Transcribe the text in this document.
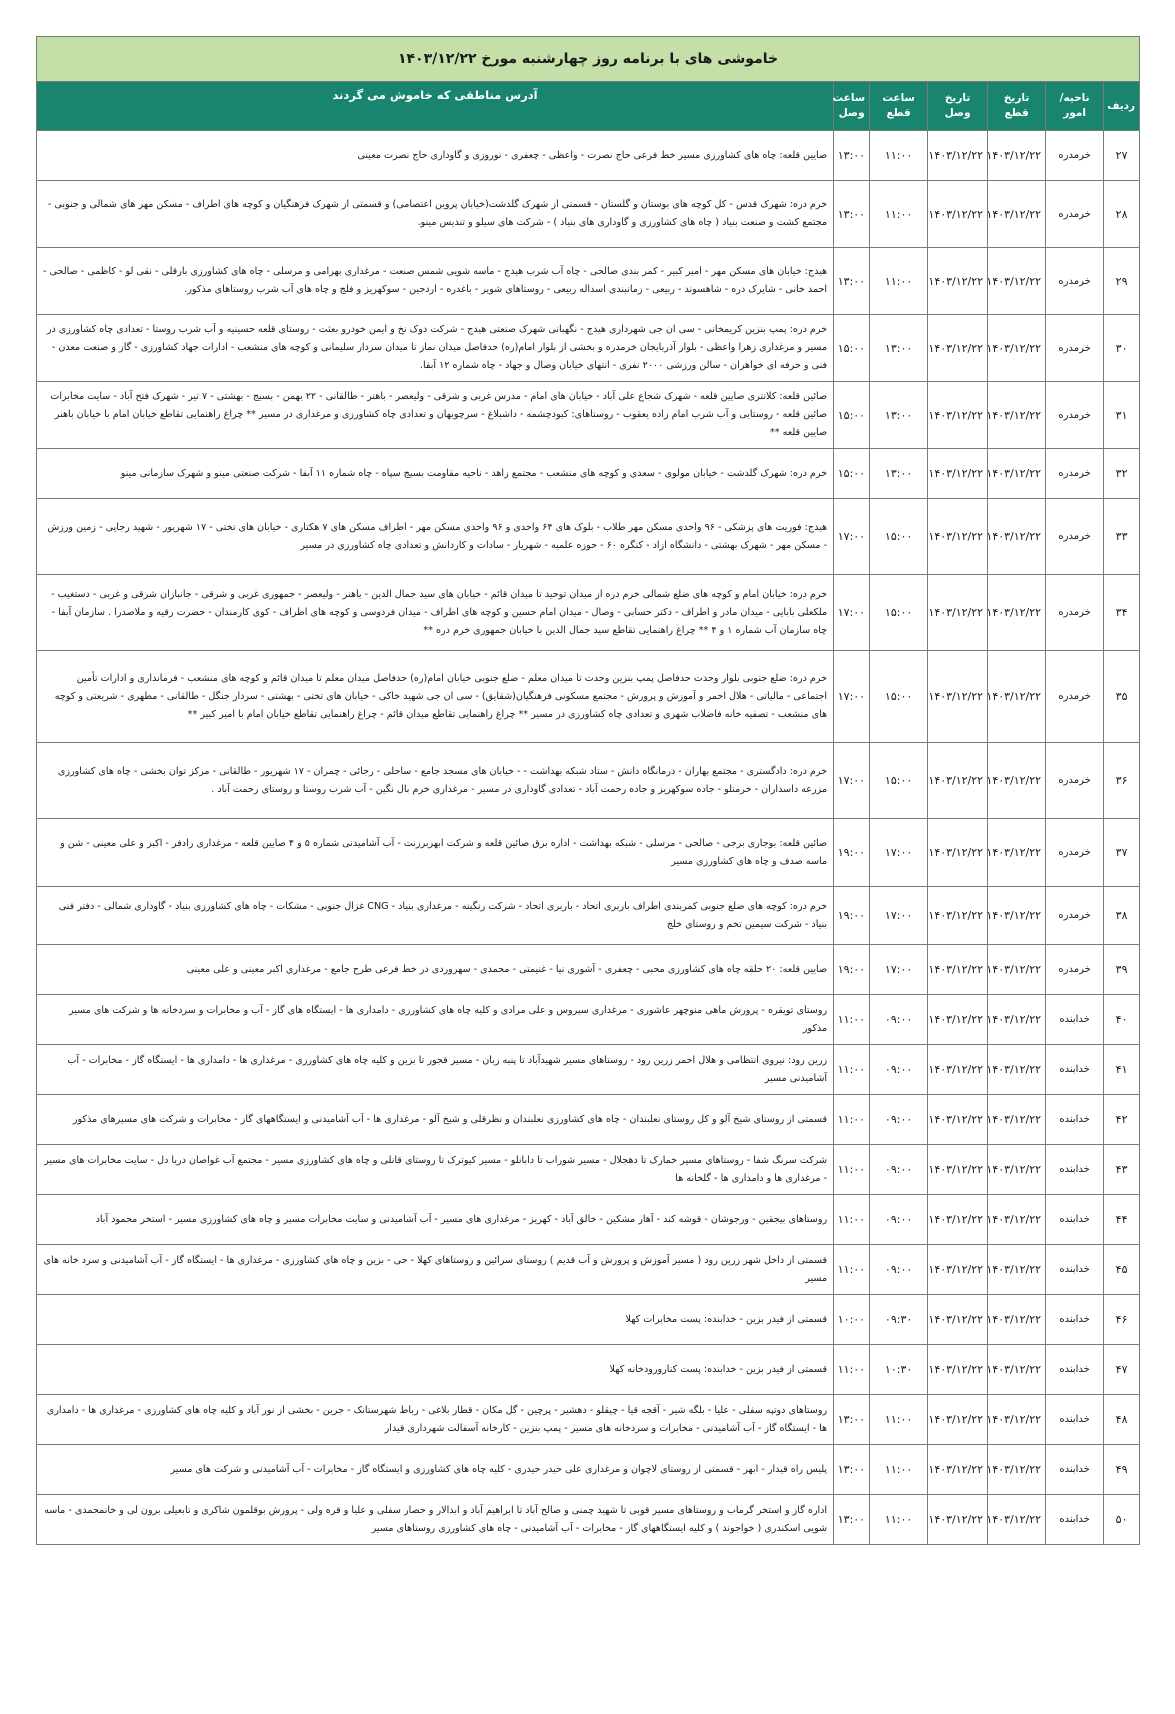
خاموشی های با برنامه روز چهارشنبه مورخ ۱۴۰۳/۱۲/۲۲						
ردیف	ناحیه/امور	تاریخ قطع	تاریخ وصل	ساعت قطع	ساعت وصل	آدرس مناطقی که خاموش می گردند
۲۷	خرمدره	۱۴۰۳/۱۲/۲۲	۱۴۰۳/۱۲/۲۲	۱۱:۰۰	۱۳:۰۰	صایین قلعه: چاه های کشاورزی مسیر خط فرعی حاج نصرت - واعظی - چعفری - نوروزی و گاوداری حاج نصرت معینی
۲۸	خرمدره	۱۴۰۳/۱۲/۲۲	۱۴۰۳/۱۲/۲۲	۱۱:۰۰	۱۳:۰۰	خرم دره: شهرک قدس - کل کوچه های بوستان و گلستان - قسمتی از شهرک گلدشت(خیابان پروین اعتصامی) و قسمتی از شهرک فرهنگیان و کوچه های اطراف - مسکن مهر های شمالی و جنوبی - مجتمع کشت و صنعت بنیاد ( چاه های کشاورزی و گاوداری های بنیاد ) - شرکت های سیلو و تندیس مینو.
۲۹	خرمدره	۱۴۰۳/۱۲/۲۲	۱۴۰۳/۱۲/۲۲	۱۱:۰۰	۱۳:۰۰	هیدج: خیابان های مسکن مهر - امیر کبیر - کمر بندی صالحی - چاه آب شرب هیدج - ماسه شویی شمس صنعت - مرغداری بهرامی و مرسلی - چاه های کشاورزی بارقلی - نقی لو - کاظمی - صالحی - احمد خانی - شایرک دره - شاهسوند - ربیعی - زمانبندی اسداله ربیعی - روستاهای شویر - باغدره - اردجین - سوکهریز و فلج و چاه های آب شرب روستاهای مذکور.
۳۰	خرمدره	۱۴۰۳/۱۲/۲۲	۱۴۰۳/۱۲/۲۲	۱۳:۰۰	۱۵:۰۰	خرم دره: پمپ بنزین کریمخانی - سی ان جی شهرداری هیدج - نگهبانی شهرک صنعتی هیدج - شرکت دوک نخ و ایمن خودرو بعثت - روستای قلعه حسینیه و آب شرب روستا - تعدادی چاه کشاورزی در مسیر و مرغداری زهرا واعظی - بلوار آذربایجان خرمدره و بخشی از بلوار امام(ره) حدفاصل میدان نماز تا میدان سردار سلیمانی و کوچه های منشعب - ادارات جهاد کشاورزی - گاز و صنعت معدن - فنی و حرفه ای خواهران - سالن ورزشی ۲۰۰۰ نفری - انتهای خیابان وصال و جهاد - چاه شماره ۱۲ آبفا.
۳۱	خرمدره	۱۴۰۳/۱۲/۲۲	۱۴۰۳/۱۲/۲۲	۱۳:۰۰	۱۵:۰۰	صائین قلعه: کلانتری صایین قلعه - شهرک شجاع علی آباد - خیابان های امام - مدرس غربی و شرقی - ولیعصر - باهنر - طالقانی - ۲۲ بهمن - بسیج - بهشتی - ۷ تیر - شهرک فتح آباد - سایت مخابرات صائین قلعه - روستایی و آب شرب امام زاده یعقوب - روستاهای: کبودچشمه - داشبلاغ - سرچوبهان و تعدادی چاه کشاورزی و مرغداری در مسیر ** چراغ راهنمایی تقاطع خیابان امام با خیابان باهنر صایین قلعه **
۳۲	خرمدره	۱۴۰۳/۱۲/۲۲	۱۴۰۳/۱۲/۲۲	۱۳:۰۰	۱۵:۰۰	خرم دره: شهرک گلدشت - خیابان مولوی - سعدی و کوچه های منشعب - مجتمع زاهد - ناحیه مقاومت بسیج سپاه - چاه شماره ۱۱ آبفا - شرکت صنعتی مینو و شهرک سازمانی مینو
۳۳	خرمدره	۱۴۰۳/۱۲/۲۲	۱۴۰۳/۱۲/۲۲	۱۵:۰۰	۱۷:۰۰	هیدج: فوریت های پزشکی - ۹۶ واحدی مسکن مهر طلاب - بلوک های ۶۴ واحدی و ۹۶ واحدی مسکن مهر - اطراف مسکن های ۷ هکتاری - خیابان های تختی - ۱۷ شهریور - شهید رجایی - زمین ورزش - مسکن مهر - شهرک بهشتی - دانشگاه ازاد - کنگره ۶۰ - حوزه علمیه - شهریار - سادات و کاردانش و تعدادی چاه کشاورزی در مسیر
۳۴	خرمدره	۱۴۰۳/۱۲/۲۲	۱۴۰۳/۱۲/۲۲	۱۵:۰۰	۱۷:۰۰	خرم دره: خیابان امام و کوچه های ضلع شمالی خرم دره از میدان توحید تا میدان قائم - خیابان های سید جمال الدین - باهنر - ولیعصر - جمهوری غربی و شرقی - جانبازان شرقی و غربی - دستغیب - ملکعلی بابایی - میدان مادر و اطراف - دکتر حسابی - وصال - میدان امام حسین و کوچه های اطراف - میدان فردوسی و کوچه های اطراف - کوی کارمندان - حضرت رقیه و ملاصدرا . سازمان آبفا - چاه سازمان آب شماره ۱ و ۴ ** چراغ راهنمایی تقاطع سید جمال الدین با خیابان جمهوری خرم دره **
۳۵	خرمدره	۱۴۰۳/۱۲/۲۲	۱۴۰۳/۱۲/۲۲	۱۵:۰۰	۱۷:۰۰	خرم دره: ضلع جنوبی بلوار وحدت حدفاصل پمپ بنزین وحدت تا میدان معلم - ضلع جنوبی خیابان امام(ره) حدفاصل میدان معلم تا میدان قائم و کوچه های منشعب - فرمانداری و ادارات تأمین اجتماعی - مالیاتی - هلال احمر و آموزش و پرورش - مجتمع مسکونی فرهنگیان(شقایق) - سی ان جی شهید خاکی - خیابان های تختی - بهشتی - سردار جنگل - طالقانی - مطهری - شریعتی و کوچه های منشعب - تصفیه خانه فاضلاب شهری و تعدادی چاه کشاورزی در مسیر ** چراغ راهنمایی تقاطع میدان قائم - چراغ راهنمایی تقاطع خیابان امام با امیر کبیر **
۳۶	خرمدره	۱۴۰۳/۱۲/۲۲	۱۴۰۳/۱۲/۲۲	۱۵:۰۰	۱۷:۰۰	خرم دره: دادگستری - مجتمع بهاران - درمانگاه دانش - ستاد شبکه بهداشت - - خیابان های مسجد جامع - ساحلی - رجائی - چمران - ۱۷ شهریور - طالقانی - مرکز توان بخشی - چاه های کشاورزی مزرعه داسداران - خرمنلو - جاده سوکهریز و جاده رحمت آباد - تعدادی گاوداری در مسیر - مرغداری خرم بال نگین - آب شرب روستا و روستای رحمت آباد .
۳۷	خرمدره	۱۴۰۳/۱۲/۲۲	۱۴۰۳/۱۲/۲۲	۱۷:۰۰	۱۹:۰۰	صائین قلعه: بوجاری برجی - صالحی - مرسلی - شبکه بهداشت - اداره برق صائین قلعه و شرکت ابهربرزنت - آب آشامیدنی شماره ۵ و ۴ صایین قلعه - مرغداری رادفر - اکبر و علی معینی - شن و ماسه صدف و چاه های کشاورزی مسیر
۳۸	خرمدره	۱۴۰۳/۱۲/۲۲	۱۴۰۳/۱۲/۲۲	۱۷:۰۰	۱۹:۰۰	خرم دره: کوچه های ضلع جنوبی کمربندی اطراف باربری اتحاد - باربری اتحاد - شرکت رنگینه - مرغداری بنیاد - CNG غزال جنوبی - مشکات - چاه های کشاورزی بنیاد - گاوداری شمالی - دفتر فنی بنیاد - شرکت سیمین تخم و روستای خلج
۳۹	خرمدره	۱۴۰۳/۱۲/۲۲	۱۴۰۳/۱۲/۲۲	۱۷:۰۰	۱۹:۰۰	صایین قلعه: ۲۰ حلقه چاه های کشاورزی محبی - چعفری - آشوری نیا - غنیمتی - محمدی - سهروردی در خط فرعی طرح جامع - مرغداری اکبر معینی و علی معینی
۴۰	خدابنده	۱۴۰۳/۱۲/۲۲	۱۴۰۳/۱۲/۲۲	۰۹:۰۰	۱۱:۰۰	روستای تویقره - پرورش ماهی منوچهر عاشوری - مرغداری سیروس و علی مرادی و کلیه چاه های کشاورزی - دامداری ها - ایستگاه های گاز - آب و مخابرات و سردخانه ها و شرکت های مسیر مذکور
۴۱	خدابنده	۱۴۰۳/۱۲/۲۲	۱۴۰۳/۱۲/۲۲	۰۹:۰۰	۱۱:۰۰	زرین رود: نیروی انتظامی و هلال احمر زرین رود - روستاهای مسیر شهیدآباد تا پنبه زبان - مسیر قجور تا بزین و کلیه چاه های کشاورزی - مرغداری ها - دامداری ها - ایستگاه گاز - مخابرات - آب آشامیدنی مسیر
۴۲	خدابنده	۱۴۰۳/۱۲/۲۲	۱۴۰۳/۱۲/۲۲	۰۹:۰۰	۱۱:۰۰	قسمتی از روستای شیخ آلو و کل روستای نعلبندان - چاه های کشاورزی نعلبندان و نظرقلی و شیخ آلو - مرغداری ها - آب آشامیدنی و ایستگاههای گاز - مخابرات و شرکت های مسیرهای مذکور
۴۳	خدابنده	۱۴۰۳/۱۲/۲۲	۱۴۰۳/۱۲/۲۲	۰۹:۰۰	۱۱:۰۰	شرکت سرنگ شفا - روستاهای مسیر خمارک تا دهجلال - مسیر شوراب تا دابانلو - مسیر کیوترک تا روستای قانلی و چاه های کشاورزی مسیر - مجتمع آب غواصان دریا دل - سایت مخابرات های مسیر - مرغداری ها و دامداری ها - گلخانه ها
۴۴	خدابنده	۱۴۰۳/۱۲/۲۲	۱۴۰۳/۱۲/۲۲	۰۹:۰۰	۱۱:۰۰	روستاهای بیجقین - ورجوشان - قوشه کند - آهار مشکین - خالق آباد - کهریز - مرغداری های مسیر - آب آشامیدنی و سایت مخابرات مسیر و چاه های کشاورزی مسیر - استخر محمود آباد
۴۵	خدابنده	۱۴۰۳/۱۲/۲۲	۱۴۰۳/۱۲/۲۲	۰۹:۰۰	۱۱:۰۰	قسمتی از داخل شهر زرین رود ( مسیر آموزش و پرورش و آب قدیم ) روستای سرائین و روستاهای کهلا - حی - بزین و چاه های کشاورزی - مرغداری ها - ایستگاه گاز - آب آشامیدنی و سرد خانه های مسیر
۴۶	خدابنده	۱۴۰۳/۱۲/۲۲	۱۴۰۳/۱۲/۲۲	۰۹:۳۰	۱۰:۰۰	قسمتی از فیدر بزین - خدابنده: پست مخابرات کهلا
۴۷	خدابنده	۱۴۰۳/۱۲/۲۲	۱۴۰۳/۱۲/۲۲	۱۰:۳۰	۱۱:۰۰	قسمتی از فیدر بزین - خدابنده: پست کنارورودخانه کهلا
۴۸	خدابنده	۱۴۰۳/۱۲/۲۲	۱۴۰۳/۱۲/۲۲	۱۱:۰۰	۱۳:۰۰	روستاهای دوتپه سفلی - علیا - بلگه شیر - آقجه قیا - چیقلو - دهشیر - پرچین - گل مکان - قطار بلاغی - رباط شهرستانک - جرین - بخشی از نور آباد و کلیه چاه های کشاورزی - مرغداری ها - دامداری ها - ایستگاه گاز - آب آشامیدنی - مخابرات و سردخانه های مسیر - پمپ بنزین - کارخانه آسفالت شهرداری قیدار
۴۹	خدابنده	۱۴۰۳/۱۲/۲۲	۱۴۰۳/۱۲/۲۲	۱۱:۰۰	۱۳:۰۰	پلیس راه قیدار - ابهر - قسمتی از روستای لاچوان و مرغداری علی حیدر حیدری - کلیه چاه های کشاورزی و ایستگاه گاز - مخابرات - آب آشامیدنی و شرکت های مسیر
۵۰	خدابنده	۱۴۰۳/۱۲/۲۲	۱۴۰۳/۱۲/۲۲	۱۱:۰۰	۱۳:۰۰	اداره گاز و استخر گرماب و روستاهای مسیر قوبی تا شهید چمنی و صالح آباد تا ابراهیم آباد و ابدالار و حصار سفلی و علیا و قره ولی - پرورش بوقلمون شاکری و تابعیلی برون لی و خانمحمدی - ماسه شویی اسکندری ( خواجوند ) و کلیه ایستگاههای گاز - مخابرات - آب آشامیدنی - چاه های کشاورزی روستاهای مسیر
